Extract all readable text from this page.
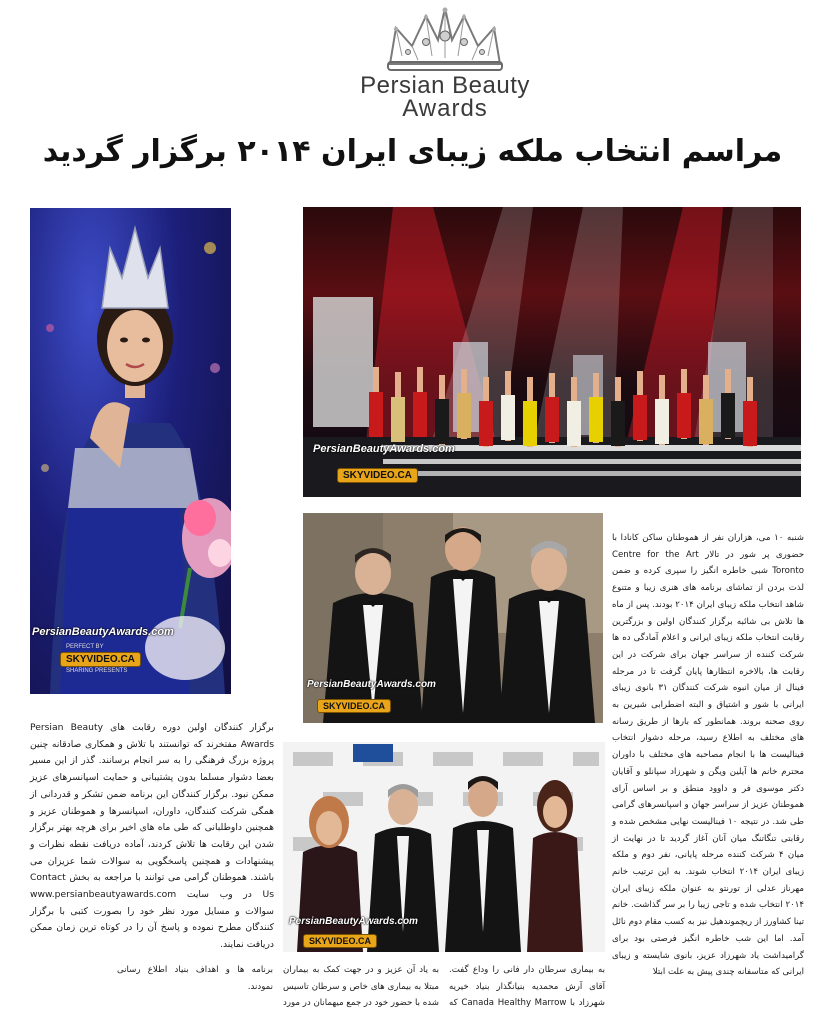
Persian Beauty
Awards
مراسم انتخاب ملکه زیبای ایران ۲۰۱۴ برگزار گردید
PersianBeautyAwards.com
PERFECT BY
SKYVIDEO.CA
SHARING PRESENTS
PersianBeautyAwards.com
SKYVIDEO.CA
PersianBeautyAwards.com
SKYVIDEO.CA
PersianBeautyAwards.com
SKYVIDEO.CA

شنبه ۱۰ می، هزاران نفر از هموطنان ساکن کانادا با حضوری پر شور در تالار Centre for the Art Toronto شبی خاطره انگیز را سپری کرده و ضمن لذت بردن از تماشای برنامه های هنری زیبا و متنوع شاهد انتخاب ملکه زیبای ایران ۲۰۱۴ بودند. پس از ماه ها تلاش بی شائبه برگزار کنندگان اولین و بزرگترین رقابت انتخاب ملکه زیبای ایرانی و اعلام آمادگی ده ها شرکت کننده از سراسر جهان برای شرکت در این رقابت ها، بالاخره انتظارها پایان گرفت تا در مرحله فینال از میان انبوه شرکت کنندگان ۳۱ بانوی زیبای ایرانی با شور و اشتیاق و البته اضطرابی شیرین به روی صحنه بروند. همانطور که بارها از طریق رسانه های مختلف به اطلاع رسید، مرحله دشوار انتخاب فینالیست ها با انجام مصاحبه های مختلف با داوران محترم خانم ها آیلین ویگن و شهرزاد سپانلو و آقایان دکتر موسوی فر و داوود منطق و بر اساس آرای هموطنان عزیز از سراسر جهان و اسپانسرهای گرامی طی شد. در نتیجه ۱۰ فینالیست نهایی مشخص شده و رقابتی تنگاتنگ میان آنان آغاز گردید تا در نهایت از میان ۴ شرکت کننده مرحله پایانی، نفر دوم و ملکه زیبای ایران ۲۰۱۴ انتخاب شوند. به این ترتیب خانم مهرناز عدلی از تورنتو به عنوان ملکه زیبای ایران ۲۰۱۴ انتخاب شده و تاجی زیبا را بر سر گذاشت. خانم تینا کشاورز از ریچموندهیل نیز به کسب مقام دوم نائل آمد. اما این شب خاطره انگیز فرصتی بود برای گرامیداشت یاد شهرزاد عزیز، بانوی شایسته و زیبای ایرانی که متاسفانه چندی پیش به علت ابتلا

برگزار کنندگان اولین دوره رقابت های Persian Beauty Awards مفتخرند که توانستند با تلاش و همکاری صادقانه چنین پروژه بزرگ فرهنگی را به سر انجام برسانند. گذر از این مسیر بعضا دشوار مسلما بدون پشتیبانی و حمایت اسپانسرهای عزیز ممکن نبود. برگزار کنندگان این برنامه ضمن تشکر و قدردانی از همگی شرکت کنندگان، داوران، اسپانسرها و هموطنان عزیز و همچنین داوطلبانی که طی ماه های اخیر برای هرچه بهتر برگزار شدن این رقابت ها تلاش کردند، آماده دریافت نقطه نظرات و پیشنهادات و همچنین پاسخگویی به سوالات شما عزیزان می باشند. هموطنان گرامی می توانند با مراجعه به بخش Contact Us در وب سایت www.persianbeautyawards.com سوالات و مسایل مورد نظر خود را بصورت کتبی با برگزار کنندگان مطرح نموده و پاسخ آن را در کوتاه ترین زمان ممکن دریافت نمایند.

به بیماری سرطان دار فانی را وداع گفت. آقای آرش محمدیه بنیانگذار بنیاد خیریه شهرزاد با Canada Healthy Marrow که به یاد آن عزیز و در جهت کمک به بیماران مبتلا به بیماری های خاص و سرطان تاسیس شده با حضور خود در جمع میهمانان در مورد برنامه ها و اهداف بنیاد اطلاع رسانی نمودند.
